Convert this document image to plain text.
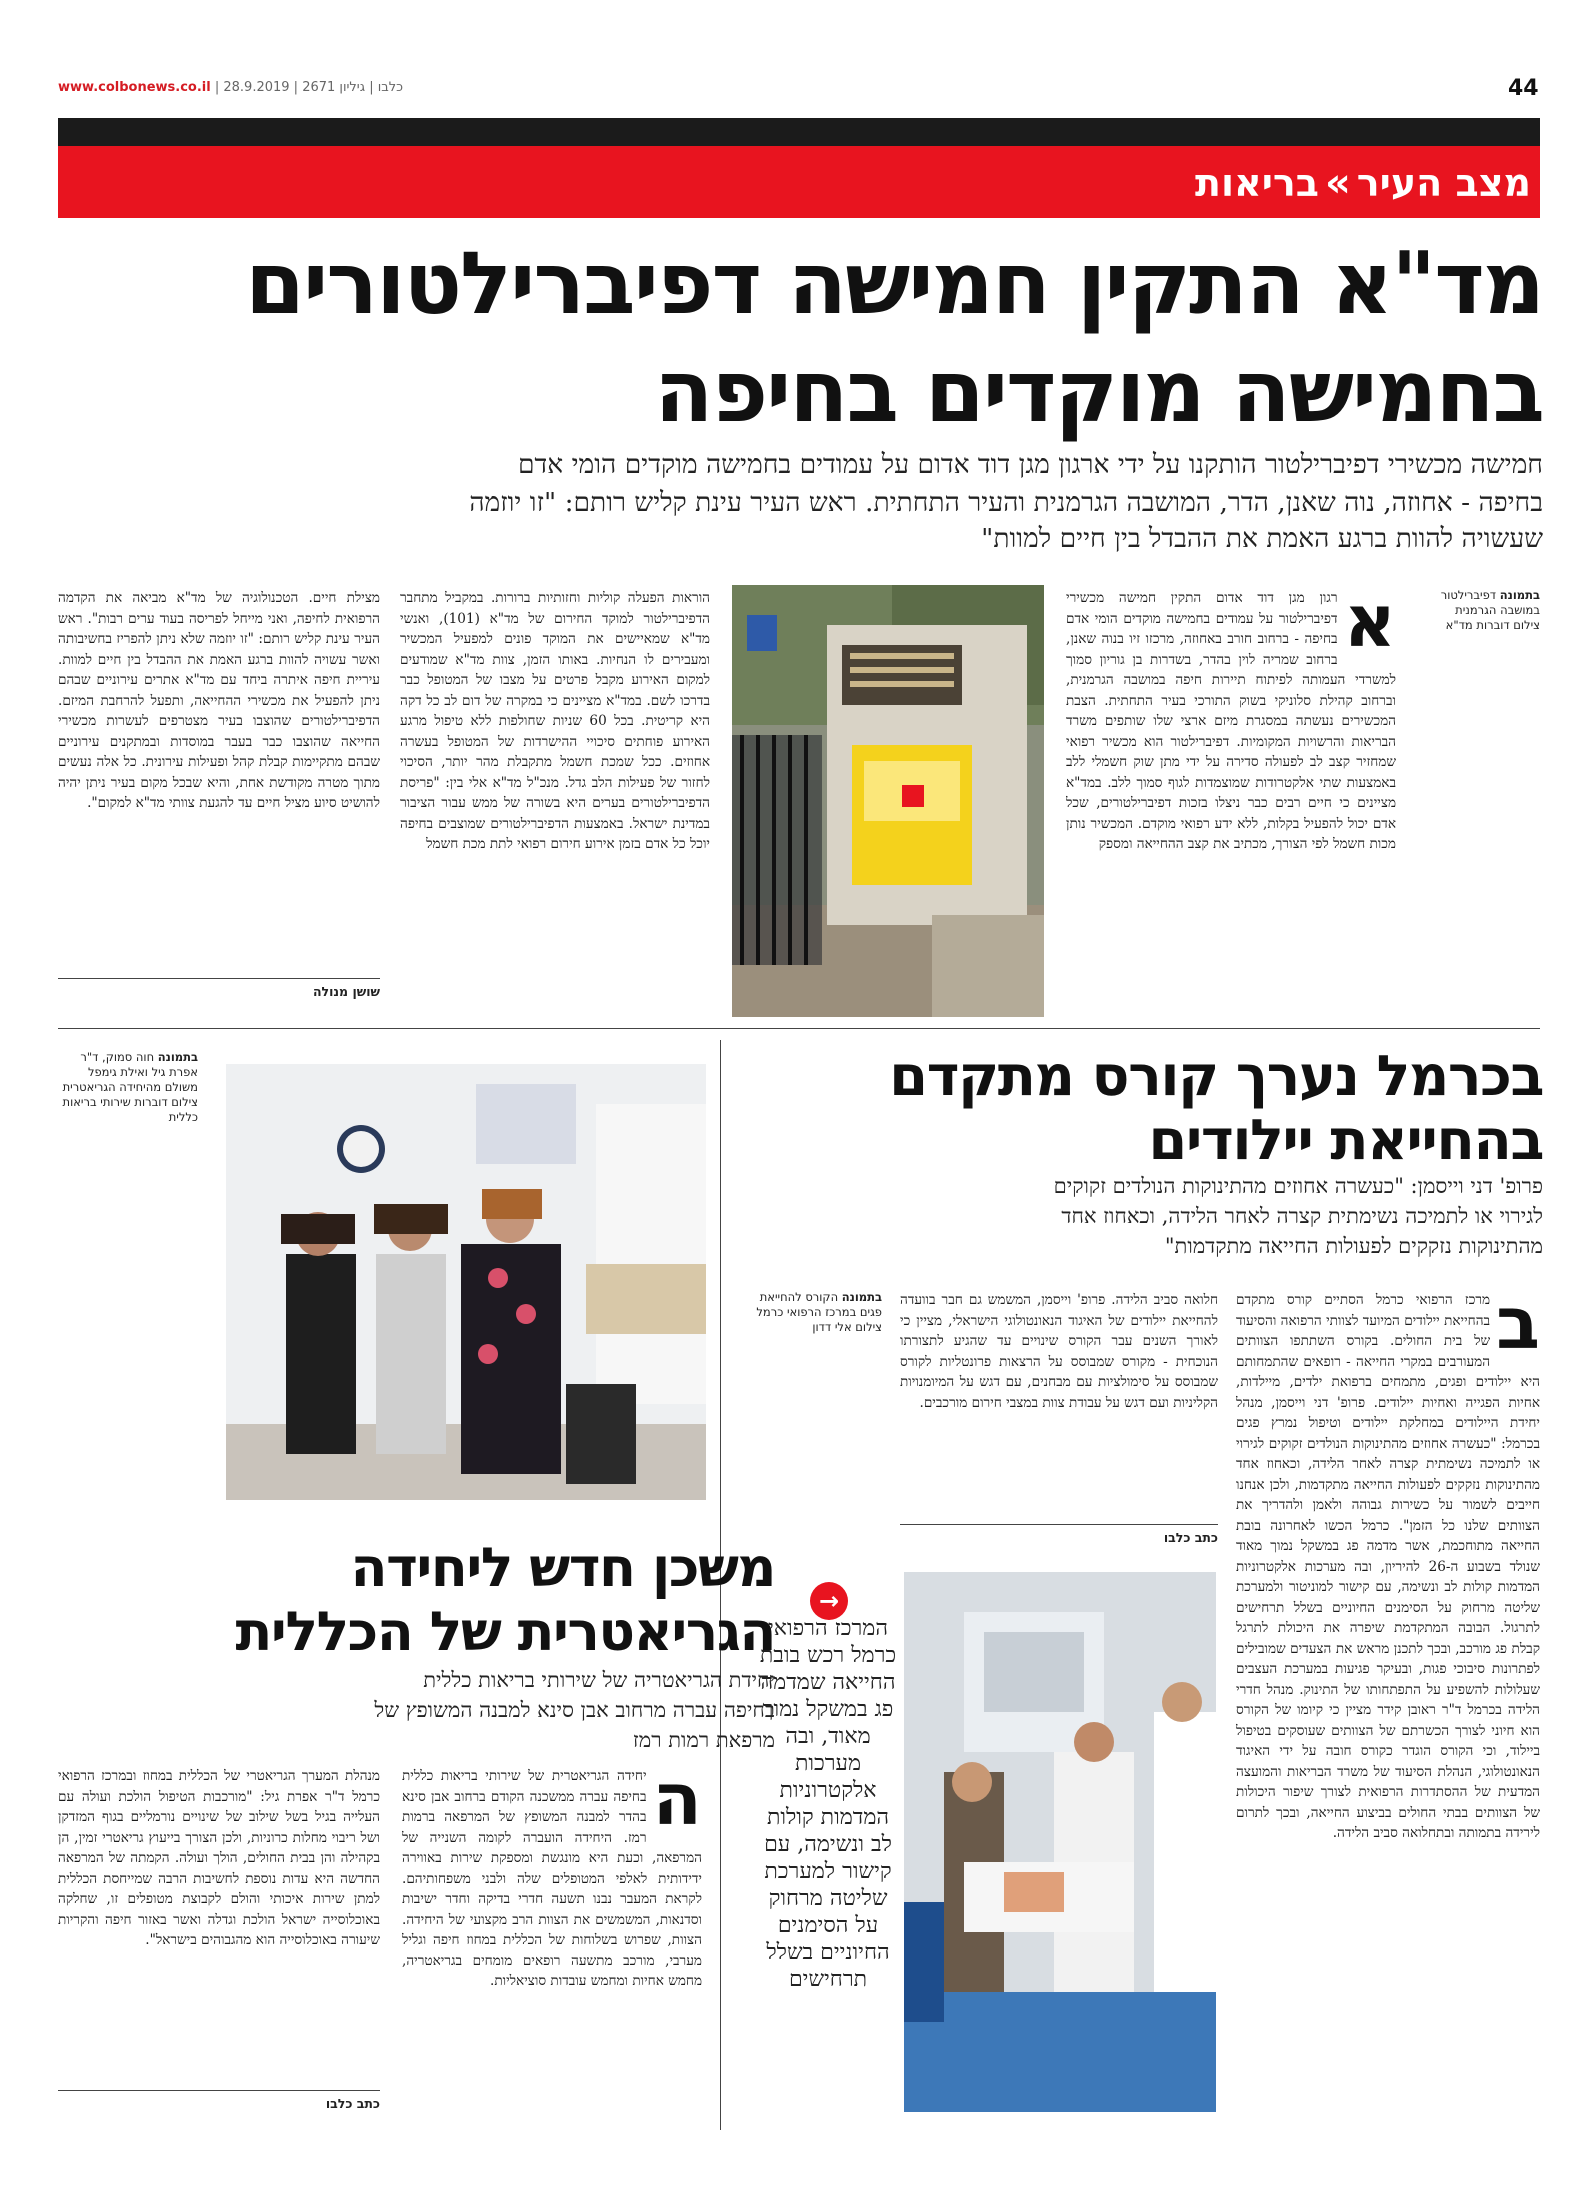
www.colbonews.co.il | כלבו | גיליון 2671 | 28.9.2019	44
מצב העיר»בריאות
מד"א התקין חמישה דפיברילטורים
בחמישה מוקדים בחיפה
חמישה מכשירי דפיברילטור הותקנו על ידי ארגון מגן דוד אדום על עמודים בחמישה מוקדים הומי אדם
בחיפה - אחוזה, נוה שאנן, הדר, המושבה הגרמנית והעיר התחתית. ראש העיר עינת קליש רותם: "זו יוזמה
שעשויה להוות ברגע האמת את ההבדל בין חיים למוות"
בתמונה דפיברילטור במושבה הגרמנית
צילום דוברות מד"א
א

רגון מגן דוד אדום התקין חמישה מכשירי דפיברילטור על עמודים בחמישה מוקדים הומי אדם בחיפה - ברחוב חורב באחוזה, מרכזו זיו בנוה שאנן, ברחוב שמריה לוין בהדר, בשדרות בן גוריון סמוך למשרדי העמותה לפיתוח תיירות חיפה במושבה הגרמנית, וברחוב קהילת סלוניקי בשוק התורכי בעיר התחתית. הצבת המכשירים נעשתה במסגרת מיזם ארצי שלו שותפים משרד הבריאות והרשויות המקומיות. דפיברילטור הוא מכשיר רפואי שמחזיר קצב לב לפעולה סדירה על ידי מתן שוק חשמלי ללב באמצעות שתי אלקטרודות שמוצמדות לגוף סמוך ללב. במד"א מציינים כי חיים רבים כבר ניצלו בזכות דפיברילטורים, שכל אדם יכול להפעיל בקלות, ללא ידע רפואי מוקדם. המכשיר נותן מכות חשמל לפי הצורך, מכתיב את קצב ההחייאה ומספק

הוראות הפעלה קוליות וחזותיות ברורות. במקביל מתחבר הדפיברילטור למוקד החירום של מד"א (101), ואנשי מד"א שמאיישים את המוקד פונים למפעיל המכשיר ומעבירים לו הנחיות. באותו הזמן, צוות מד"א שמודעים למקום האירוע מקבל פרטים על מצבו של המטופל כבר בדרכו לשם. במד"א מציינים כי במקרה של דום לב כל דקה היא קריטית. בכל 60 שניות שחולפות ללא טיפול מרגע האירוע פוחתים סיכויי ההישרדות של המטופל בעשרה אחוזים. ככל שמכת חשמל מתקבלת מהר יותר, הסיכוי לחזור של פעילות הלב גדל. מנכ"ל מד"א אלי בין: "פריסת הדפיברילטורים בערים היא בשורה של ממש עבור הציבור במדינת ישראל. באמצעות הדפיברילטורים שמוצבים בחיפה יוכל כל אדם בזמן אירוע חירום רפואי לתת מכת חשמל

מצילת חיים. הטכנולוגיה של מד"א מביאה את הקדמה הרפואית לחיפה, ואני מייחל לפריסה בעוד ערים רבות". ראש העיר עינת קליש רותם: "זו יוזמה שלא ניתן להפריז בחשיבותה ואשר עשויה להוות ברגע האמת את ההבדל בין חיים למוות. עיריית חיפה איתרה ביחד עם מד"א אתרים עירוניים שבהם ניתן להפעיל את מכשירי ההחייאה, ותפעל להרחבת המיזם. הדפיברילטורים שהוצבו בעיר מצטרפים לעשרות מכשירי החייאה שהוצבו כבר בעבר במוסדות ובמתקנים עירוניים שבהם מתקיימות קבלת קהל ופעילות עירונית. כל אלה נעשים מתוך מטרה מקודשת אחת, והיא שבכל מקום בעיר ניתן יהיה להושיט סיוע מציל חיים עד להגעת צוותי מד"א למקום".

שושן מנולה
בכרמל נערך קורס מתקדם
בהחייאת יילודים
פרופ' דני וייסמן: "כעשרה אחוזים מהתינוקות הנולדים זקוקים
לגירוי או לתמיכה נשימתית קצרה לאחר הלידה, וכאחוז אחד
מהתינוקות נזקקים לפעולות החייאה מתקדמות"
ב

מרכז הרפואי כרמל הסתיים קורס מתקדם בהחייאת יילודים המיועד לצוותי הרפואה והסיעוד של בית החולים. בקורס השתתפו הצוותים המעורבים במקרי החייאה - רופאים שהתמחותם היא יילודים ופגים, מתמחים ברפואת ילדים, מיילדות, אחיות הפגייה ואחיות יילודים. פרופ' דני וייסמן, מנהל יחידת היילודים במחלקת יילודים וטיפול נמרץ פגים בכרמל: "כעשרה אחוזים מהתינוקות הנולדים זקוקים לגירוי או לתמיכה נשימתית קצרה לאחר הלידה, וכאחוז אחד מהתינוקות נזקקים לפעולות החייאה מתקדמות, ולכן אנחנו חייבים לשמור על כשירות גבוהה ולאמן ולהדריך את הצוותים שלנו כל הזמן". כרמל הכשו לאחרונה בובת החייאה מתוחכמת, אשר מדמה פג במשקל נמוך מאוד שנולד בשבוע ה-26 להיריון, ובה מערכות אלקטרוניות המדמות קולות לב ונשימה, עם קישור למוניטור ולמערכת שליטה מרחוק על הסימנים החיוניים בשלל תרחישים לתרגול. הבובה המתקדמת שיפרה את היכולת לתרגל קבלת פג מורכב, ובכך לתכנן מראש את הצעדים שמובילים לפתרונות סיבוכי פגות, ובעיקר פגיעות במערכת העצבים שעלולות להשפיע על התפתחותו של התינוק. מנהל חדרי הלידה בכרמל ד"ר ראובן קידר מציין כי קיומו של הקורס הוא חיוני לצורך הכשרתם של הצוותים שעוסקים בטיפול ביילוד, וכי הקורס הוגדר כקורס חובה על ידי האיגוד הנאונטולוגי, הנהלת הסיעוד של משרד הבריאות והמועצה המדעית של ההסתדרות הרפואית לצורך שיפור היכולות של הצוותים בבתי החולים בביצוע החייאה, ובכך לתרום לירידה בתמותה ובתחלואה סביב הלידה.

חלואה סביב הלידה. פרופ' וייסמן, המשמש גם חבר בוועדה להחייאת יילודים של האיגוד הנאונטולוגי הישראלי, מציין כי לאורך השנים עבר הקורס שינויים עד שהגיע לתצורתו הנוכחית - מקורס שמבוסס על הרצאות פרונטליות לקורס שמבוסס על סימולציות עם מבחנים, עם דגש על המיומנויות הקליניות ועם דגש על עבודת צוות במצבי חירום מורכבים.

כתב כלבו
בתמונה הקורס להחייאת פגים במרכז הרפואי כרמל
צילום אלי דדון
→
המרכז הרפואי כרמל רכש בובת החייאה שמדמה פג במשקל נמוך מאוד, ובה מערכות אלקטרוניות המדמות קולות לב ונשימה, עם קישור למערכת שליטה מרחוק על הסימנים החיוניים בשלל תרחישים
בתמונה חוה סמוק, ד"ר אפרת גיל ואילת גימפל משולם מהיחידה הגריאטרית
צילום דוברות שירותי בריאות כללית
משכן חדש ליחידה
הגריאטרית של הכללית
יחידת הגריאטריה של שירותי בריאות כללית
בחיפה עברה מרחוב אבן סינא למבנה המשופץ של
מרפאת רמות רמז
ה

יחידה הגריאטרית של שירותי בריאות כללית בחיפה עברה ממשכנה הקודם ברחוב אבן סינא בהדר למבנה המשופץ של המרפאה ברמות רמז. היחידה הועברה לקומה השנייה של המרפאה, וכעת היא מונגשת ומספקת שירות באווירה ידידותית לאלפי המטופלים שלה ולבני משפחותיהם. לקראת המעבר נבנו תשעה חדרי בדיקה וחדר ישיבות וסדנאות, המשמשים את הצוות הרב מקצועי של היחידה. הצוות, שפרוש בשלוחות של הכללית במחוז חיפה וגליל מערבי, מורכב מתשעה רופאים מומחים בגריאטריה, מחמש אחיות ומחמש עובדות סוציאליות.

מנהלת המערך הגריאטרי של הכללית במחוז ובמרכז הרפואי כרמל ד"ר אפרת גיל: "מורכבות הטיפול הולכת ועולה עם העלייה בגיל בשל שילוב של שינויים נורמליים בגוף המזדקן ושל ריבוי מחלות כרוניות, ולכן הצורך בייעוץ גריאטרי זמין, הן בקהילה והן בבית החולים, הולך ועולה. הקמתה של המרפאה החדשה היא עדות נוספת לחשיבות הרבה שמייחסת הכללית למתן שירות איכותי והולם לקבוצת מטופלים זו, שחלקה באוכלוסייה ישראל הולכת וגדלה ואשר באזור חיפה והקריות שיעורה באוכלוסייה הוא מהגבוהים בישראל".

כתב כלבו
